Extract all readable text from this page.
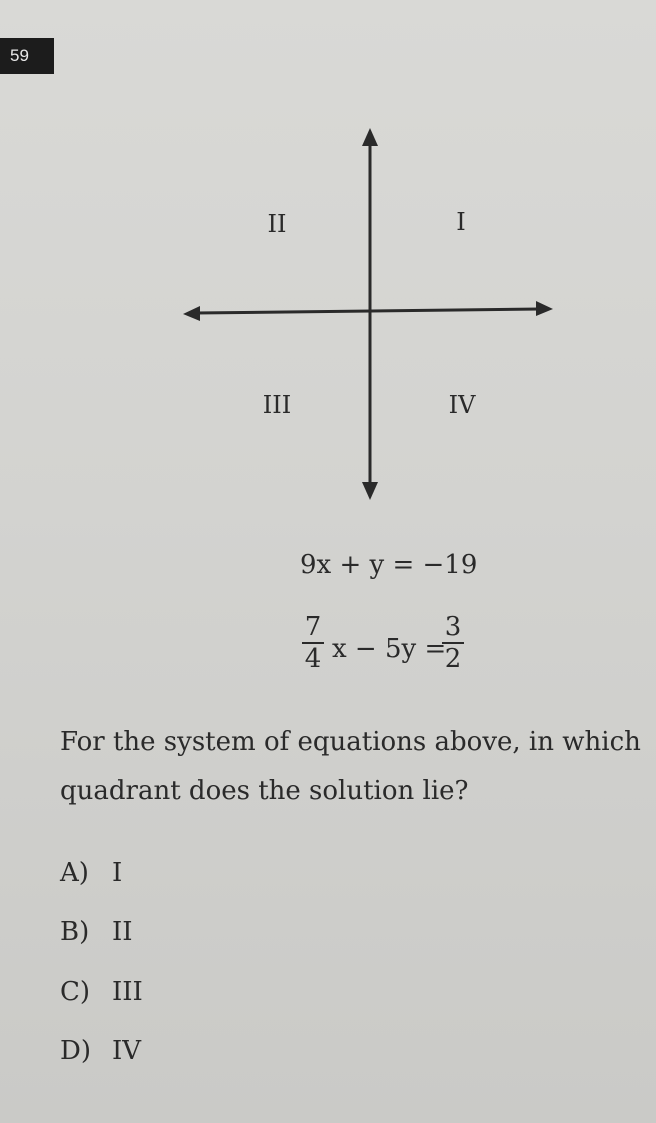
59
II	I
III	IV
9x + y = −19
7
4 x − 5y =
3
2
For the system of equations above, in which quadrant does the solution lie?
A) I
B) II
C) III
D) IV
